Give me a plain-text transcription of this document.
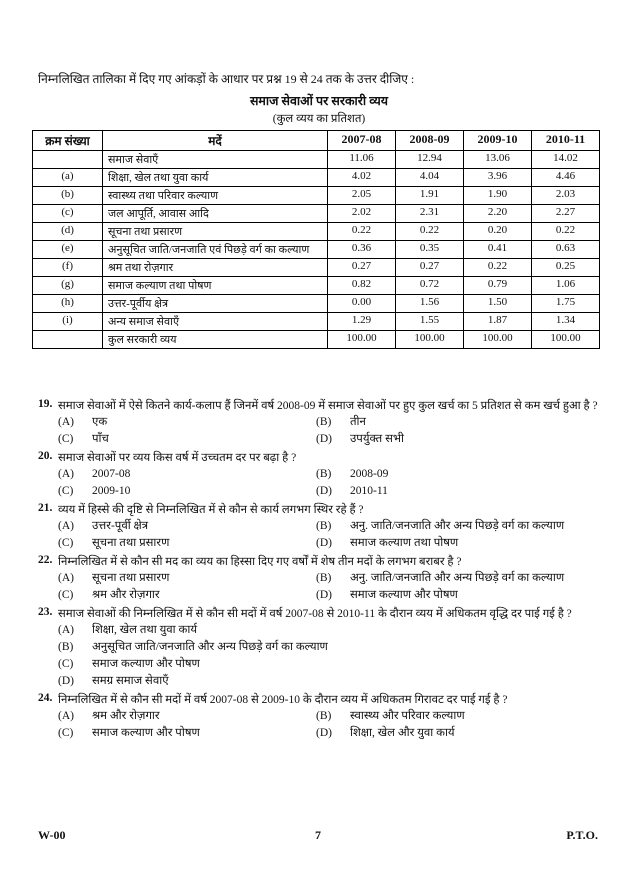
निम्नलिखित तालिका में दिए गए आंकड़ों के आधार पर प्रश्न 19 से 24 तक के उत्तर दीजिए :
समाज सेवाओं पर सरकारी व्यय
(कुल व्यय का प्रतिशत)
क्रम संख्या	मदें	2007-08	2008-09	2009-10	2010-11
	समाज सेवाएँ	11.06	12.94	13.06	14.02
(a)	शिक्षा, खेल तथा युवा कार्य	4.02	4.04	3.96	4.46
(b)	स्वास्थ्य तथा परिवार कल्याण	2.05	1.91	1.90	2.03
(c)	जल आपूर्ति, आवास आदि	2.02	2.31	2.20	2.27
(d)	सूचना तथा प्रसारण	0.22	0.22	0.20	0.22
(e)	अनुसूचित जाति/जनजाति एवं पिछड़े वर्ग का कल्याण	0.36	0.35	0.41	0.63
(f)	श्रम तथा रोज़गार	0.27	0.27	0.22	0.25
(g)	समाज कल्याण तथा पोषण	0.82	0.72	0.79	1.06
(h)	उत्तर-पूर्वीय क्षेत्र	0.00	1.56	1.50	1.75
(i)	अन्य समाज सेवाएँ	1.29	1.55	1.87	1.34
	कुल सरकारी व्यय	100.00	100.00	100.00	100.00
19. समाज सेवाओं में ऐसे कितने कार्य-कलाप हैं जिनमें वर्ष 2008-09 में समाज सेवाओं पर हुए कुल खर्च का 5 प्रतिशत से कम खर्च हुआ है ?
(A)	एक	(B)	तीन
(C)	पाँच	(D)	उपर्युक्त सभी
20. समाज सेवाओं पर व्यय किस वर्ष में उच्चतम दर पर बढ़ा है ?
(A)	2007-08	(B)	2008-09
(C)	2009-10	(D)	2010-11
21. व्यय में हिस्से की दृष्टि से निम्नलिखित में से कौन से कार्य लगभग स्थिर रहे हैं ?
(A)	उत्तर-पूर्वी क्षेत्र	(B)	अनु. जाति/जनजाति और अन्य पिछड़े वर्ग का कल्याण
(C)	सूचना तथा प्रसारण	(D)	समाज कल्याण तथा पोषण
22. निम्नलिखित में से कौन सी मद का व्यय का हिस्सा दिए गए वर्षों में शेष तीन मदों के लगभग बराबर है ?
(A)	सूचना तथा प्रसारण	(B)	अनु. जाति/जनजाति और अन्य पिछड़े वर्ग का कल्याण
(C)	श्रम और रोज़गार	(D)	समाज कल्याण और पोषण
23. समाज सेवाओं की निम्नलिखित में से कौन सी मदों में वर्ष 2007-08 से 2010-11 के दौरान व्यय में अधिकतम वृद्धि दर पाई गई है ?
(A)	शिक्षा, खेल तथा युवा कार्य
(B)	अनुसूचित जाति/जनजाति और अन्य पिछड़े वर्ग का कल्याण
(C)	समाज कल्याण और पोषण
(D)	समग्र समाज सेवाएँ
24. निम्नलिखित में से कौन सी मदों में वर्ष 2007-08 से 2009-10 के दौरान व्यय में अधिकतम गिरावट दर पाई गई है ?
(A)	श्रम और रोज़गार	(B)	स्वास्थ्य और परिवार कल्याण
(C)	समाज कल्याण और पोषण	(D)	शिक्षा, खेल और युवा कार्य
W-00	7	P.T.O.
